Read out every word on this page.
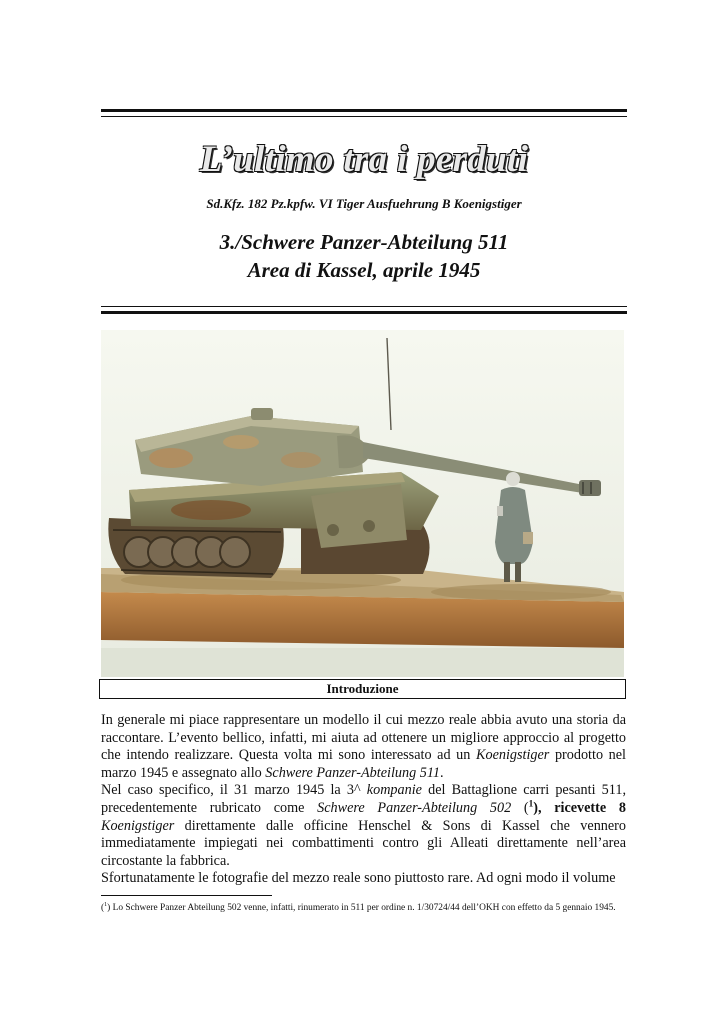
L’ultimo tra i perduti
Sd.Kfz. 182 Pz.kpfw. VI Tiger Ausfuehrung B Koenigstiger
3./Schwere Panzer-Abteilung 511
Area di Kassel, aprile 1945
Introduzione

In generale mi piace rappresentare un modello il cui mezzo reale abbia avuto una storia da raccontare. L’evento bellico, infatti, mi aiuta ad ottenere un migliore approccio al progetto che intendo realizzare. Questa volta mi sono interessato ad un Koenigstiger prodotto nel marzo 1945 e assegnato allo Schwere Panzer-Abteilung 511.

Nel caso specifico, il 31 marzo 1945 la 3^ kompanie del Battaglione carri pesanti 511, precedentemente rubricato come Schwere Panzer-Abteilung 502 ($^1$), ricevette 8 Koenigstiger direttamente dalle officine Henschel & Sons di Kassel che vennero immediatamente impiegati nei combattimenti contro gli Alleati direttamente nell’area circostante la fabbrica.

Sfortunatamente le fotografie del mezzo reale sono piuttosto rare. Ad ogni modo il volume

($^1$) Lo Schwere Panzer Abteilung 502 venne, infatti, rinumerato in 511 per ordine n. 1/30724/44 dell’OKH con effetto da 5 gennaio 1945.
